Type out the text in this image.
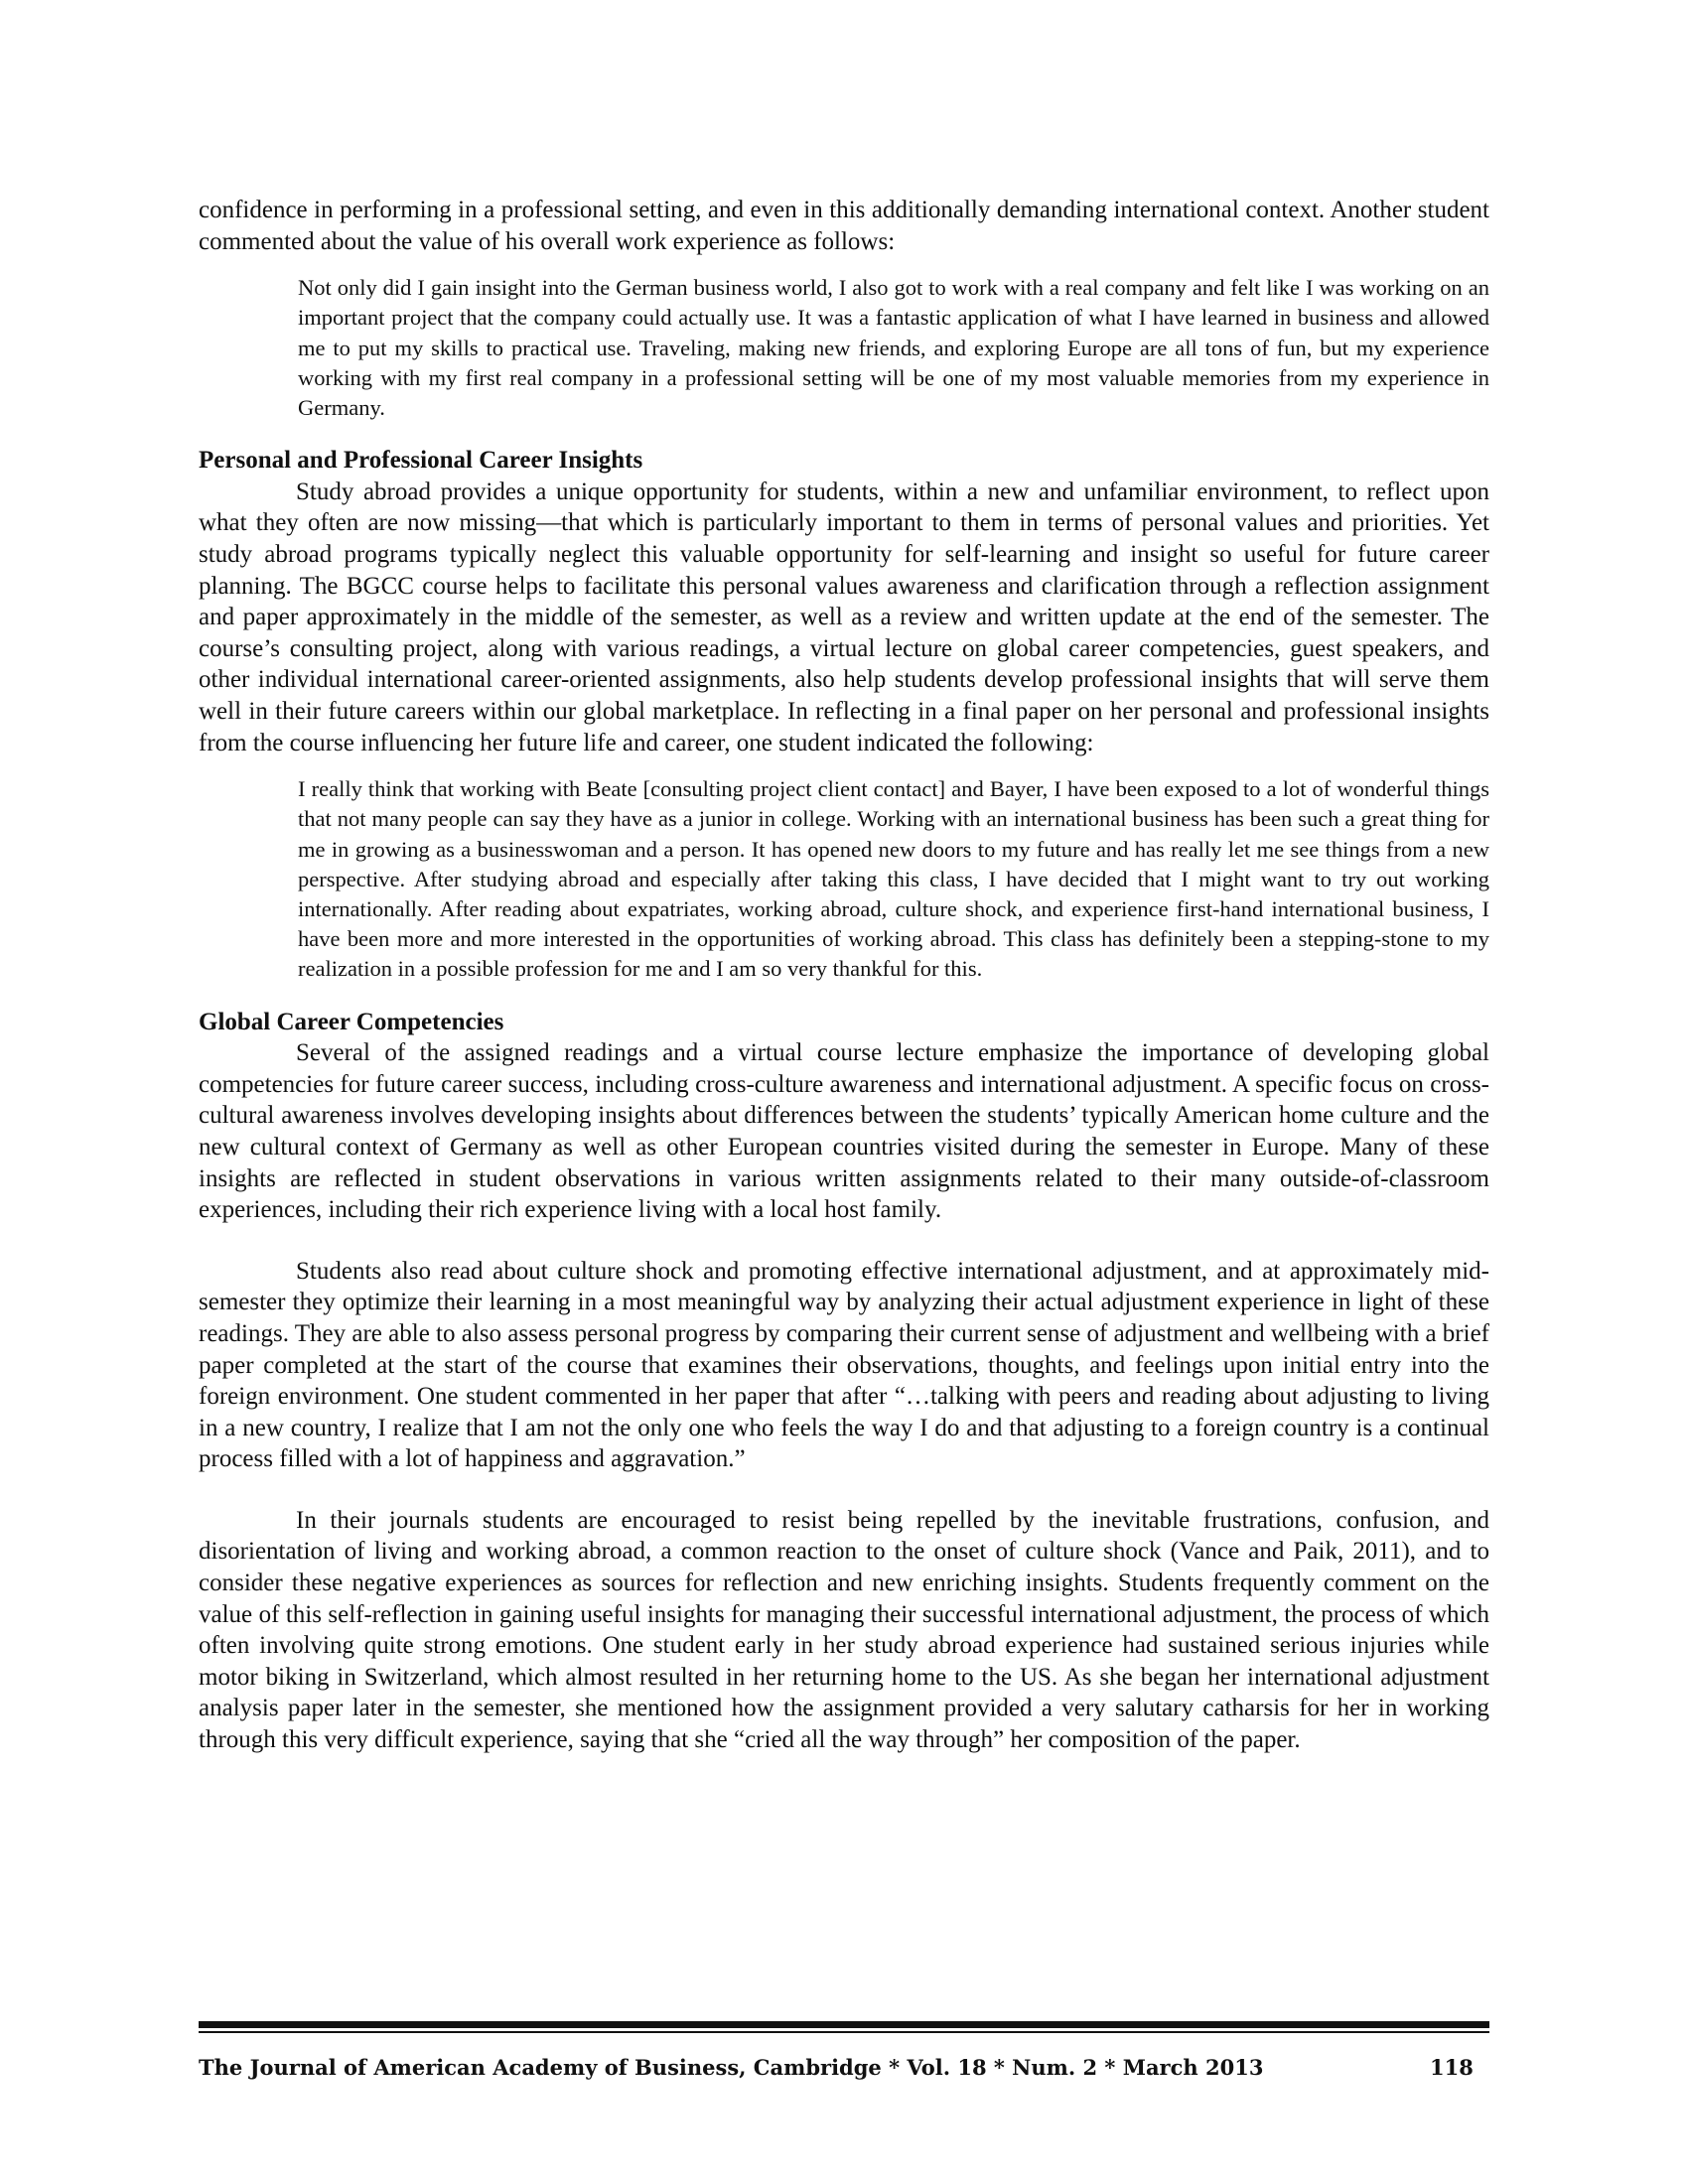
confidence in performing in a professional setting, and even in this additionally demanding international context. Another student commented about the value of his overall work experience as follows:

Not only did I gain insight into the German business world, I also got to work with a real company and felt like I was working on an important project that the company could actually use. It was a fantastic application of what I have learned in business and allowed me to put my skills to practical use. Traveling, making new friends, and exploring Europe are all tons of fun, but my experience working with my first real company in a professional setting will be one of my most valuable memories from my experience in Germany.

Personal and Professional Career Insights

Study abroad provides a unique opportunity for students, within a new and unfamiliar environment, to reflect upon what they often are now missing—that which is particularly important to them in terms of personal values and priorities. Yet study abroad programs typically neglect this valuable opportunity for self-learning and insight so useful for future career planning. The BGCC course helps to facilitate this personal values awareness and clarification through a reflection assignment and paper approximately in the middle of the semester, as well as a review and written update at the end of the semester. The course’s consulting project, along with various readings, a virtual lecture on global career competencies, guest speakers, and other individual international career-oriented assignments, also help students develop professional insights that will serve them well in their future careers within our global marketplace. In reflecting in a final paper on her personal and professional insights from the course influencing her future life and career, one student indicated the following:

I really think that working with Beate [consulting project client contact] and Bayer, I have been exposed to a lot of wonderful things that not many people can say they have as a junior in college. Working with an international business has been such a great thing for me in growing as a businesswoman and a person. It has opened new doors to my future and has really let me see things from a new perspective. After studying abroad and especially after taking this class, I have decided that I might want to try out working internationally. After reading about expatriates, working abroad, culture shock, and experience first-hand international business, I have been more and more interested in the opportunities of working abroad. This class has definitely been a stepping-stone to my realization in a possible profession for me and I am so very thankful for this.

Global Career Competencies

Several of the assigned readings and a virtual course lecture emphasize the importance of developing global competencies for future career success, including cross-culture awareness and international adjustment. A specific focus on cross-cultural awareness involves developing insights about differences between the students’ typically American home culture and the new cultural context of Germany as well as other European countries visited during the semester in Europe. Many of these insights are reflected in student observations in various written assignments related to their many outside-of-classroom experiences, including their rich experience living with a local host family.

Students also read about culture shock and promoting effective international adjustment, and at approximately mid-semester they optimize their learning in a most meaningful way by analyzing their actual adjustment experience in light of these readings. They are able to also assess personal progress by comparing their current sense of adjustment and wellbeing with a brief paper completed at the start of the course that examines their observations, thoughts, and feelings upon initial entry into the foreign environment. One student commented in her paper that after “…talking with peers and reading about adjusting to living in a new country, I realize that I am not the only one who feels the way I do and that adjusting to a foreign country is a continual process filled with a lot of happiness and aggravation.”

In their journals students are encouraged to resist being repelled by the inevitable frustrations, confusion, and disorientation of living and working abroad, a common reaction to the onset of culture shock (Vance and Paik, 2011), and to consider these negative experiences as sources for reflection and new enriching insights. Students frequently comment on the value of this self-reflection in gaining useful insights for managing their successful international adjustment, the process of which often involving quite strong emotions. One student early in her study abroad experience had sustained serious injuries while motor biking in Switzerland, which almost resulted in her returning home to the US. As she began her international adjustment analysis paper later in the semester, she mentioned how the assignment provided a very salutary catharsis for her in working through this very difficult experience, saying that she “cried all the way through” her composition of the paper.

The Journal of American Academy of Business, Cambridge * Vol. 18 * Num. 2 * March 2013	118
